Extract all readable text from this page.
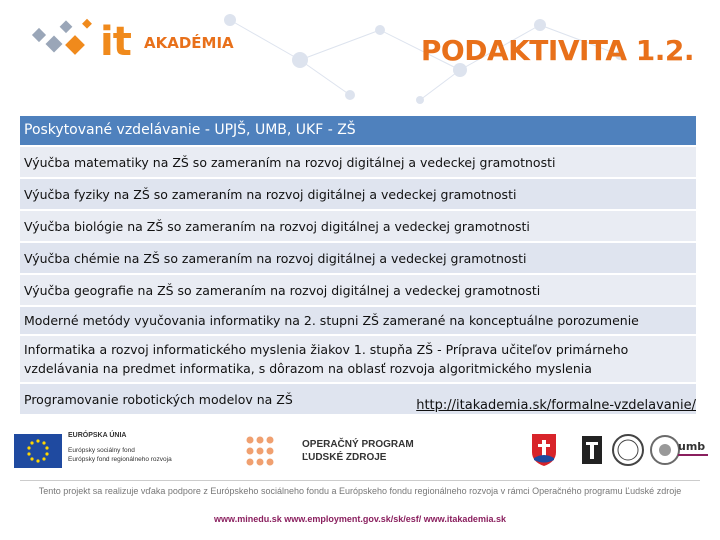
it AKADÉMIA	PODAKTIVITA 1.2.
Poskytované vzdelávanie - UPJŠ, UMB, UKF - ZŠ
Výučba matematiky na ZŠ so zameraním na rozvoj digitálnej a vedeckej gramotnosti
Výučba fyziky na ZŠ so zameraním na rozvoj digitálnej a vedeckej gramotnosti
Výučba biológie na ZŠ so zameraním na rozvoj digitálnej a vedeckej gramotnosti
Výučba chémie na ZŠ so zameraním na rozvoj digitálnej a vedeckej gramotnosti
Výučba geografie na ZŠ so zameraním na rozvoj digitálnej a vedeckej gramotnosti
Moderné metódy vyučovania informatiky na 2. stupni ZŠ zamerané na konceptuálne porozumenie
Informatika a rozvoj informatického myslenia žiakov 1. stupňa ZŠ - Príprava učiteľov primárneho vzdelávania na predmet informatika, s dôrazom na oblasť rozvoja algoritmického myslenia
Programovanie robotických modelov na ZŠ	http://itakademia.sk/formalne-vzdelavanie/
EURÓPSKA ÚNIA
Európsky sociálny fond
Európsky fond regionálneho rozvoja
OPERAČNÝ PROGRAM
ĽUDSKÉ ZDROJE
umb
Tento projekt sa realizuje vďaka podpore z Európskeho sociálneho fondu a Európskeho fondu regionálneho rozvoja v rámci Operačného programu Ľudské zdroje
www.minedu.sk www.employment.gov.sk/sk/esf/ www.itakademia.sk
